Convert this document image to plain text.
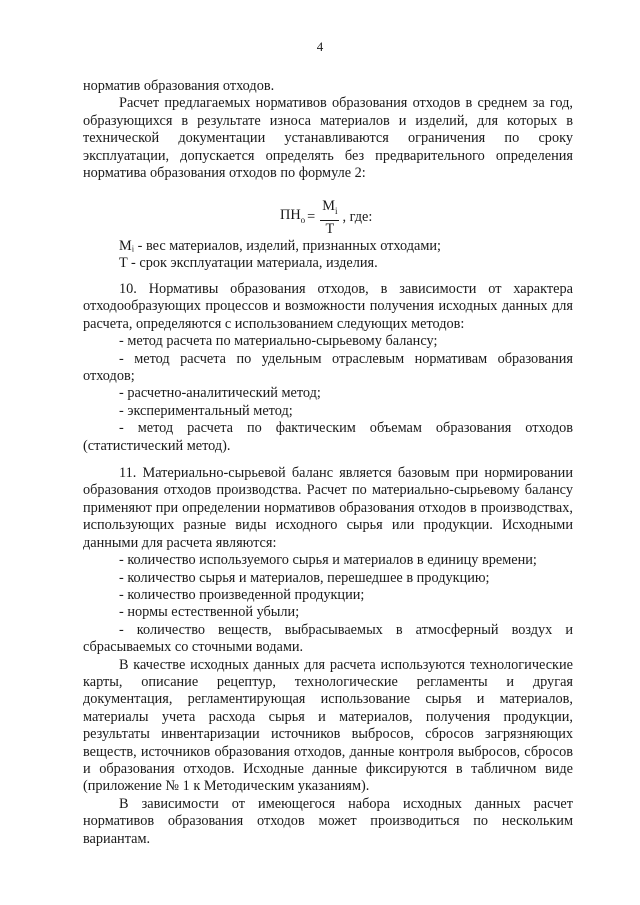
4

норматив образования отходов.

Расчет предлагаемых нормативов образования отходов в среднем за год, образующихся в результате износа материалов и изделий, для которых в технической документации устанавливаются ограничения по сроку эксплуатации, допускается определять без предварительного определения норматива образования отходов по формуле 2:

$ПН_о = \frac{M_i}{T}$ , где:

Mᵢ - вес материалов, изделий, признанных отходами;

T - срок эксплуатации материала, изделия.

10. Нормативы образования отходов, в зависимости от характера отходообразующих процессов и возможности получения исходных данных для расчета, определяются с использованием следующих методов:

- метод расчета по материально-сырьевому балансу;

- метод расчета по удельным отраслевым нормативам образования отходов;

- расчетно-аналитический метод;

- экспериментальный метод;

- метод расчета по фактическим объемам образования отходов (статистический метод).

11. Материально-сырьевой баланс является базовым при нормировании образования отходов производства. Расчет по материально-сырьевому балансу применяют при определении нормативов образования отходов в производствах, использующих разные виды исходного сырья или продукции. Исходными данными для расчета являются:

- количество используемого сырья и материалов в единицу времени;

- количество сырья и материалов, перешедшее в продукцию;

- количество произведенной продукции;

- нормы естественной убыли;

- количество веществ, выбрасываемых в атмосферный воздух и сбрасываемых со сточными водами.

В качестве исходных данных для расчета используются технологические карты, описание рецептур, технологические регламенты и другая документация, регламентирующая использование сырья и материалов, материалы учета расхода сырья и материалов, получения продукции, результаты инвентаризации источников выбросов, сбросов загрязняющих веществ, источников образования отходов, данные контроля выбросов, сбросов и образования отходов. Исходные данные фиксируются в табличном виде (приложение № 1 к Методическим указаниям).

В зависимости от имеющегося набора исходных данных расчет нормативов образования отходов может производиться по нескольким вариантам.
